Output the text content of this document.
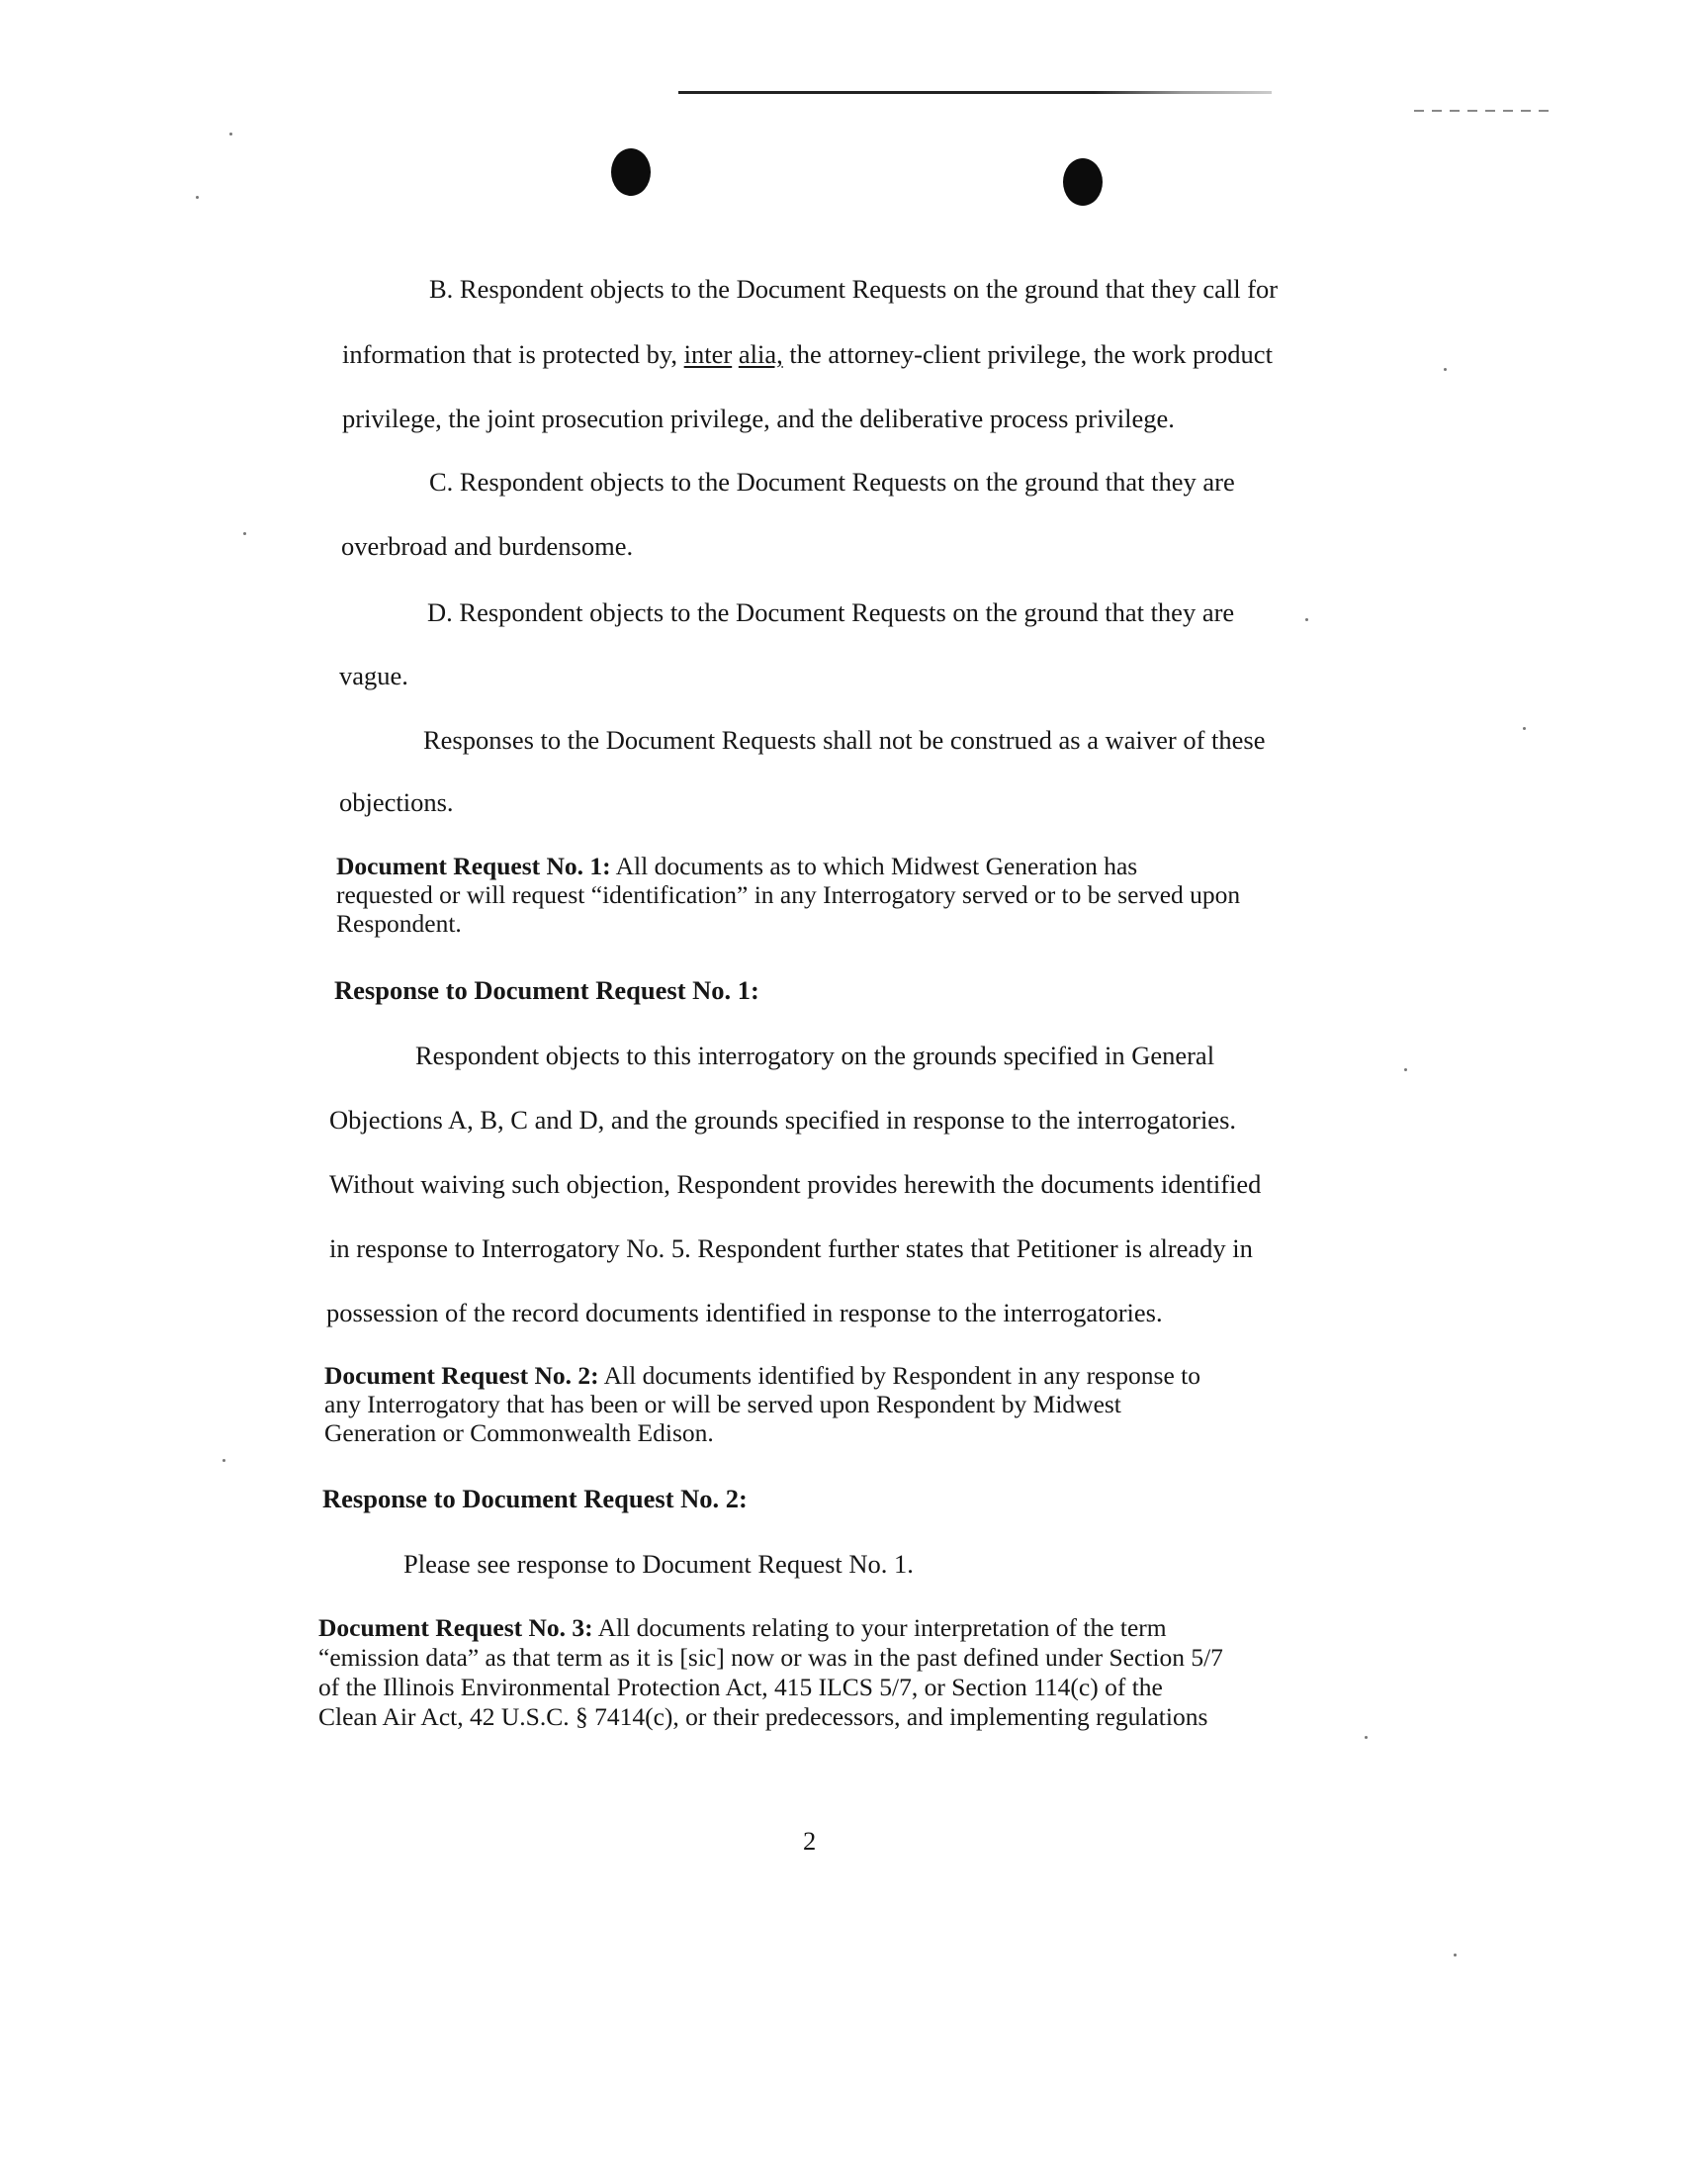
B. Respondent objects to the Document Requests on the ground that they call for
information that is protected by, inter alia, the attorney-client privilege, the work product
privilege, the joint prosecution privilege, and the deliberative process privilege.
C. Respondent objects to the Document Requests on the ground that they are
overbroad and burdensome.
D. Respondent objects to the Document Requests on the ground that they are
vague.
Responses to the Document Requests shall not be construed as a waiver of these
objections.
Document Request No. 1: All documents as to which Midwest Generation has
requested or will request “identification” in any Interrogatory served or to be served upon
Respondent.
Response to Document Request No. 1:
Respondent objects to this interrogatory on the grounds specified in General
Objections A, B, C and D, and the grounds specified in response to the interrogatories.
Without waiving such objection, Respondent provides herewith the documents identified
in response to Interrogatory No. 5. Respondent further states that Petitioner is already in
possession of the record documents identified in response to the interrogatories.
Document Request No. 2: All documents identified by Respondent in any response to
any Interrogatory that has been or will be served upon Respondent by Midwest
Generation or Commonwealth Edison.
Response to Document Request No. 2:
Please see response to Document Request No. 1.
Document Request No. 3: All documents relating to your interpretation of the term
“emission data” as that term as it is [sic] now or was in the past defined under Section 5/7
of the Illinois Environmental Protection Act, 415 ILCS 5/7, or Section 114(c) of the
Clean Air Act, 42 U.S.C. § 7414(c), or their predecessors, and implementing regulations
2
